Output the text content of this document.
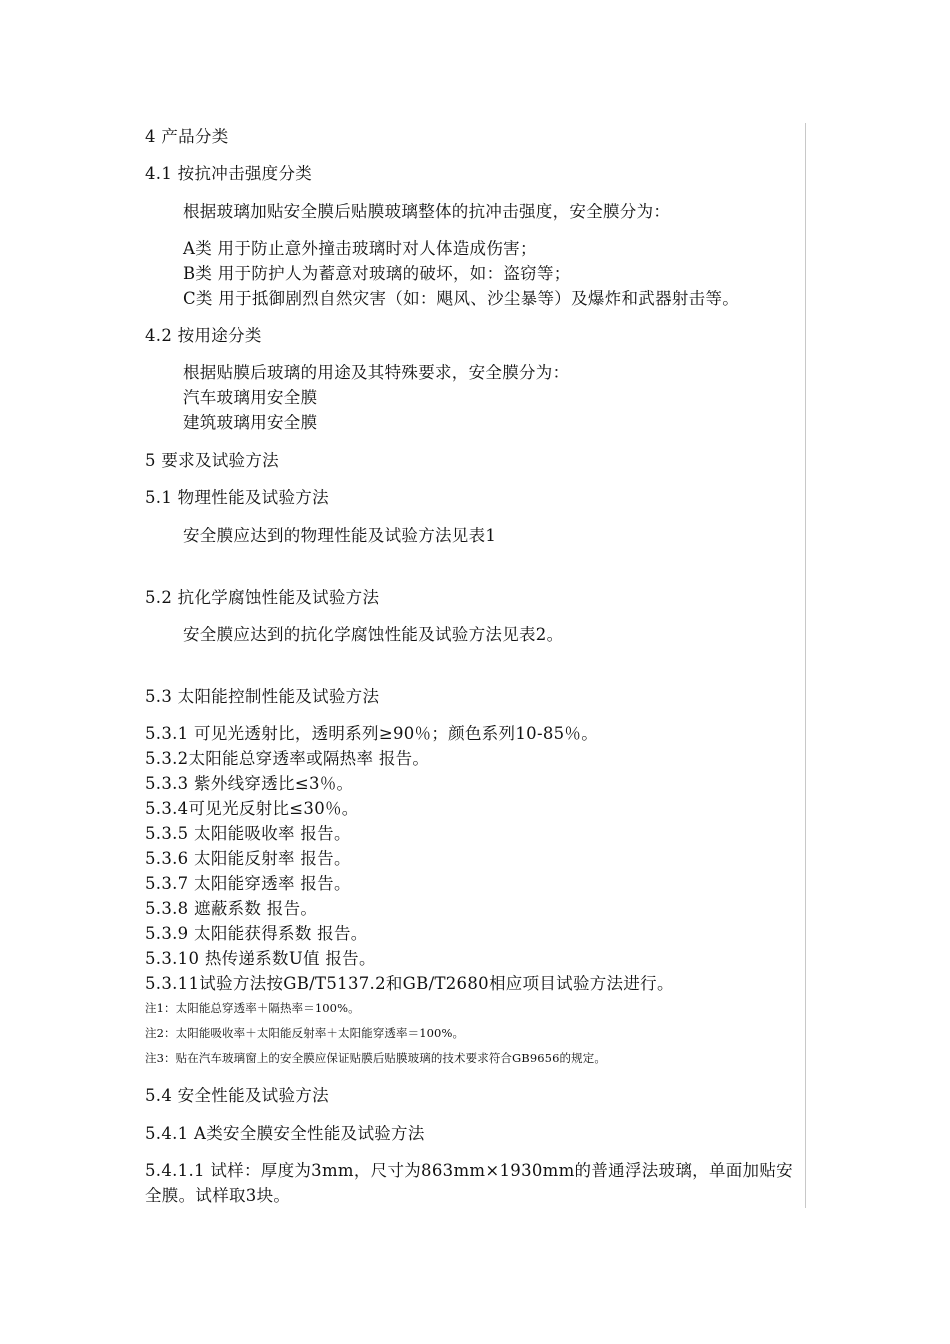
4 产品分类
4.1 按抗冲击强度分类
根据玻璃加贴安全膜后贴膜玻璃整体的抗冲击强度，安全膜分为：
A类 用于防止意外撞击玻璃时对人体造成伤害；
B类 用于防护人为蓄意对玻璃的破坏，如：盗窃等；
C类 用于抵御剧烈自然灾害（如：飓风、沙尘暴等）及爆炸和武器射击等。
4.2 按用途分类
根据贴膜后玻璃的用途及其特殊要求，安全膜分为：
汽车玻璃用安全膜
建筑玻璃用安全膜
5 要求及试验方法
5.1 物理性能及试验方法
安全膜应达到的物理性能及试验方法见表1
5.2 抗化学腐蚀性能及试验方法
安全膜应达到的抗化学腐蚀性能及试验方法见表2。
5.3 太阳能控制性能及试验方法
5.3.1 可见光透射比，透明系列≥90％；颜色系列10-85％。
5.3.2太阳能总穿透率或隔热率 报告。
5.3.3 紫外线穿透比≤3％。
5.3.4可见光反射比≤30％。
5.3.5 太阳能吸收率 报告。
5.3.6 太阳能反射率 报告。
5.3.7 太阳能穿透率 报告。
5.3.8 遮蔽系数 报告。
5.3.9 太阳能获得系数 报告。
5.3.10 热传递系数U值 报告。
5.3.11试验方法按GB/T5137.2和GB/T2680相应项目试验方法进行。
注1：太阳能总穿透率＋隔热率＝100%。
注2：太阳能吸收率＋太阳能反射率＋太阳能穿透率＝100%。
注3：贴在汽车玻璃窗上的安全膜应保证贴膜后贴膜玻璃的技术要求符合GB9656的规定。
5.4 安全性能及试验方法
5.4.1 A类安全膜安全性能及试验方法
5.4.1.1 试样：厚度为3mm，尺寸为863mm×1930mm的普通浮法玻璃，单面加贴安
全膜。试样取3块。
